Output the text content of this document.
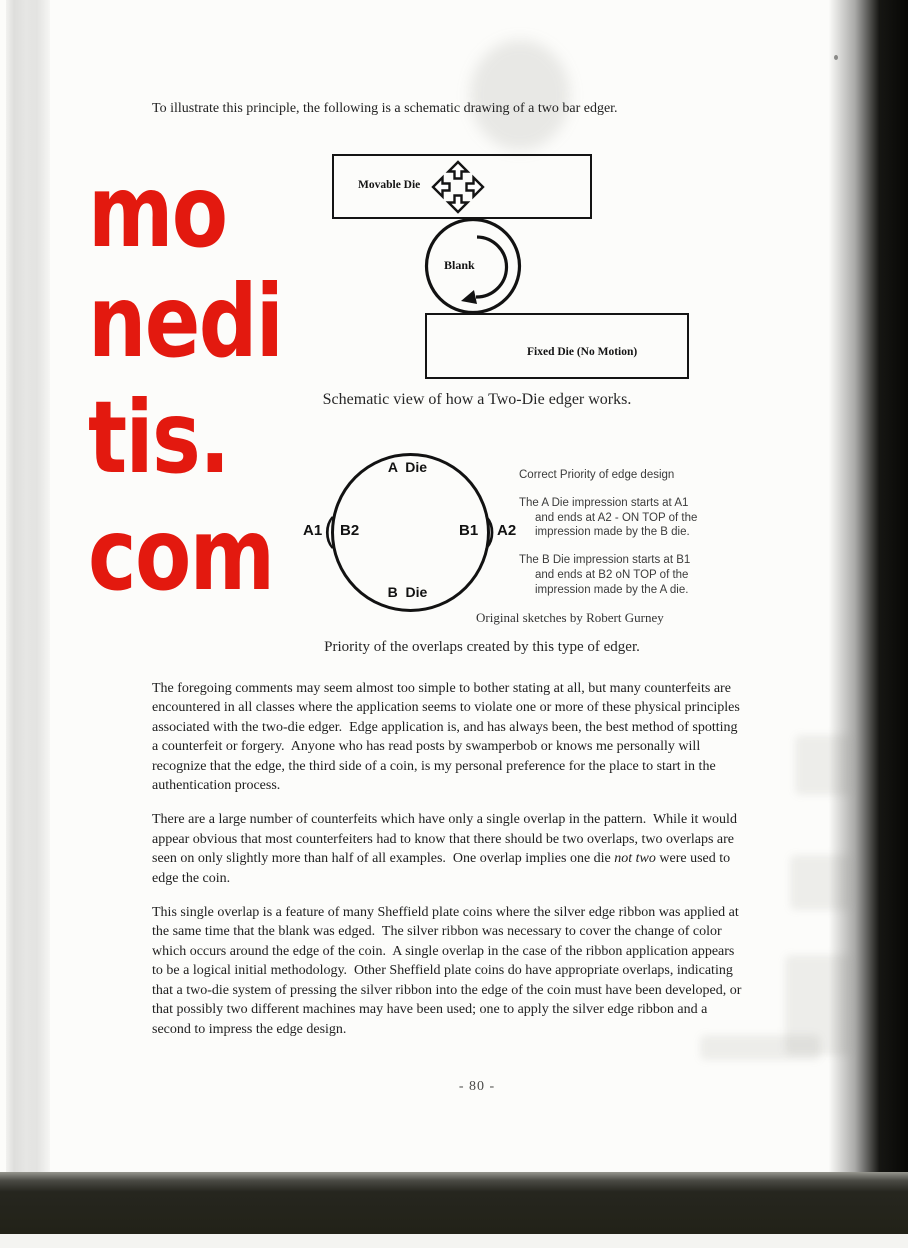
mo
nedi
tis.
com
To illustrate this principle, the following is a schematic drawing of a two bar edger.
Movable Die
Blank
Fixed Die (No Motion)
Schematic view of how a Two-Die edger works.
A  Die
B  Die
A1 ( B2	B1 ) A2
Correct Priority of edge design
The A Die impression starts at A1
and ends at A2 - ON TOP of the
impression made by the B die.
The B Die impression starts at B1
and ends at B2 oN TOP of the
impression made by the A die.
Original sketches by Robert Gurney
Priority of the overlaps created by this type of edger.
The foregoing comments may seem almost too simple to bother stating at all, but many counterfeits are
encountered in all classes where the application seems to violate one or more of these physical principles
associated with the two-die edger.  Edge application is, and has always been, the best method of spotting
a counterfeit or forgery.  Anyone who has read posts by swamperbob or knows me personally will
recognize that the edge, the third side of a coin, is my personal preference for the place to start in the
authentication process.
There are a large number of counterfeits which have only a single overlap in the pattern.  While it would
appear obvious that most counterfeiters had to know that there should be two overlaps, two overlaps are
seen on only slightly more than half of all examples.  One overlap implies one die not two were used to
edge the coin.
This single overlap is a feature of many Sheffield plate coins where the silver edge ribbon was applied at
the same time that the blank was edged.  The silver ribbon was necessary to cover the change of color
which occurs around the edge of the coin.  A single overlap in the case of the ribbon application appears
to be a logical initial methodology.  Other Sheffield plate coins do have appropriate overlaps, indicating
that a two-die system of pressing the silver ribbon into the edge of the coin must have been developed, or
that possibly two different machines may have been used; one to apply the silver edge ribbon and a
second to impress the edge design.
- 80 -
